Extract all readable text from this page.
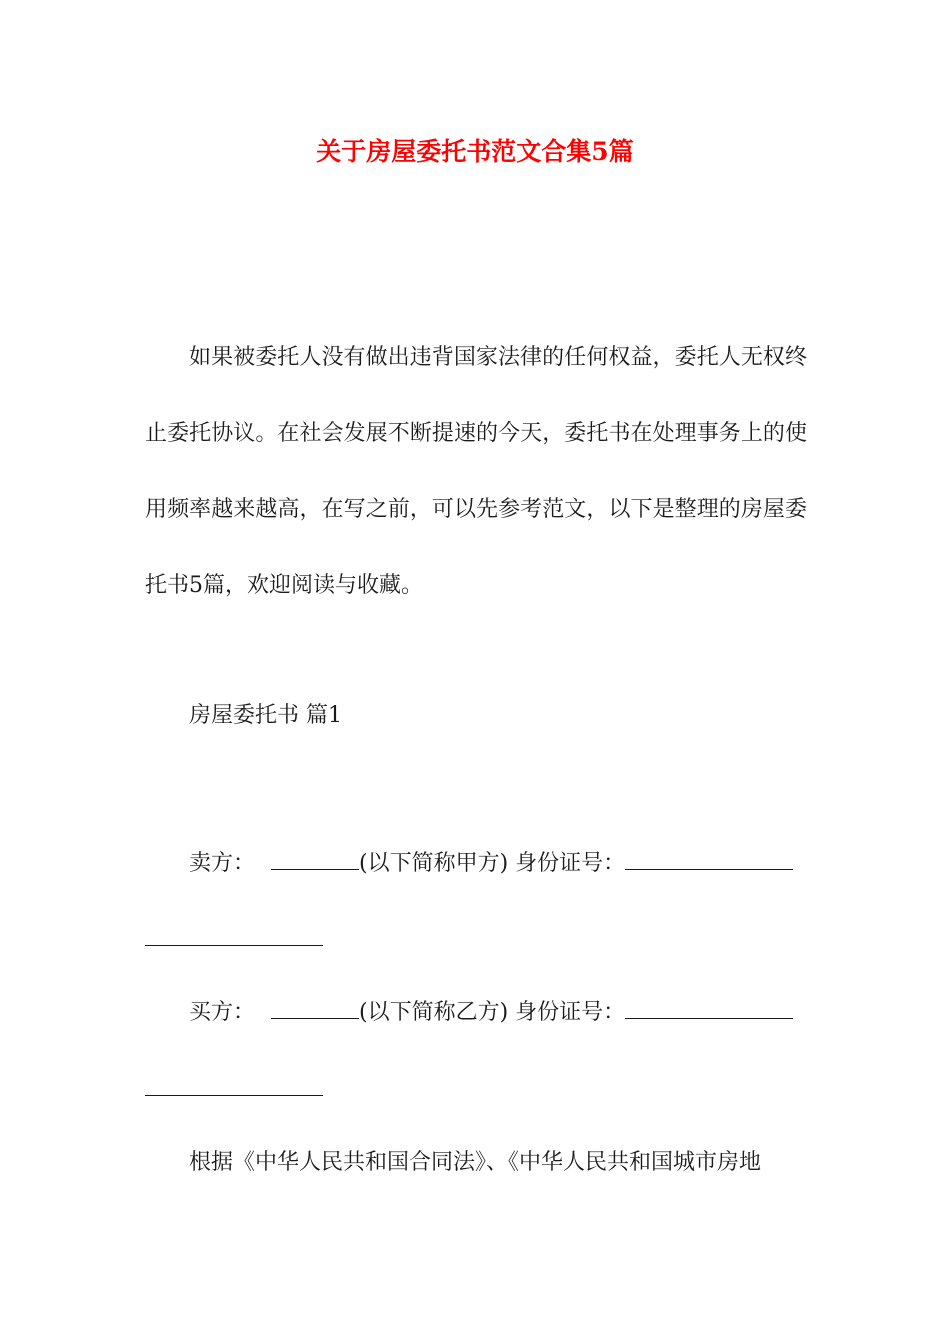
关于房屋委托书范文合集5篇

如果被委托人没有做出违背国家法律的任何权益，委托人无权终止委托协议。在社会发展不断提速的今天，委托书在处理事务上的使用频率越来越高，在写之前，可以先参考范文，以下是整理的房屋委托书5篇，欢迎阅读与收藏。

房屋委托书 篇1
卖方：	(以下简称甲方) 身份证号：
买方：	(以下简称乙方) 身份证号：
根据《中华人民共和国合同法》、《中华人民共和国城市房地
